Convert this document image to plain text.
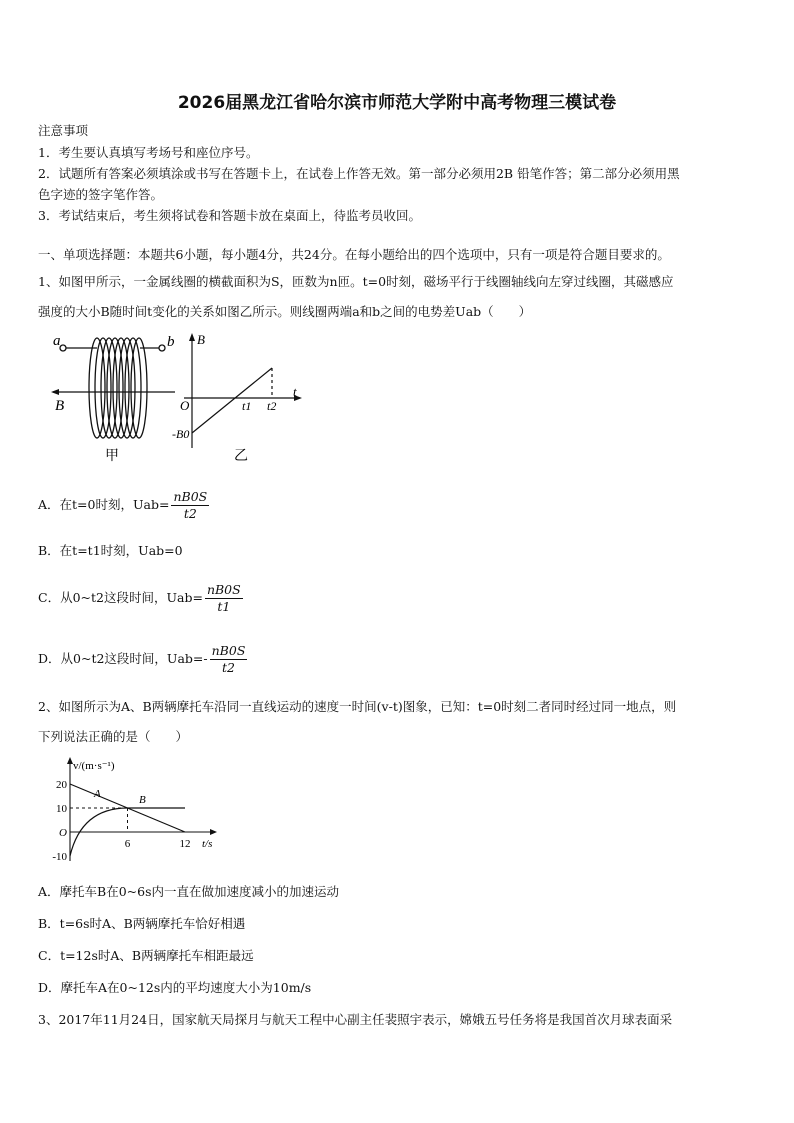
2026届黑龙江省哈尔滨市师范大学附中高考物理三模试卷
注意事项
1．考生要认真填写考场号和座位序号。
2．试题所有答案必须填涂或书写在答题卡上，在试卷上作答无效。第一部分必须用2B 铅笔作答；第二部分必须用黑
色字迹的签字笔作答。
3．考试结束后，考生须将试卷和答题卡放在桌面上，待监考员收回。
一、单项选择题：本题共6小题，每小题4分，共24分。在每小题给出的四个选项中，只有一项是符合题目要求的。
1、如图甲所示，一金属线圈的横截面积为S，匝数为n匝。t=0时刻，磁场平行于线圈轴线向左穿过线圈，其磁感应
强度的大小B随时间t变化的关系如图乙所示。则线圈两端a和b之间的电势差Uab（　　）
a	b
B
甲
B
t
O	t1 t2
-B0
乙
A．在t=0时刻，$Uab= \frac{nB0S}{t2}$
B．在t=t1时刻，Uab=0
C．从0~t2这段时间，$Uab= \frac{nB0S}{t1}$
D．从0~t2这段时间，$Uab=- \frac{nB0S}{t2}$
2、如图所示为A、B两辆摩托车沿同一直线运动的速度一时间(v-t)图象，已知：t=0时刻二者同时经过同一地点，则
下列说法正确的是（　　）
A	B
20
10
O
-10
6	12
v/(m·s⁻¹)
t/s
A．摩托车B在0~6s内一直在做加速度减小的加速运动
B．t=6s时A、B两辆摩托车恰好相遇
C．t=12s时A、B两辆摩托车相距最远
D．摩托车A在0~12s内的平均速度大小为10m/s
3、2017年11月24日，国家航天局探月与航天工程中心副主任裴照宇表示，嫦娥五号任务将是我国首次月球表面采
